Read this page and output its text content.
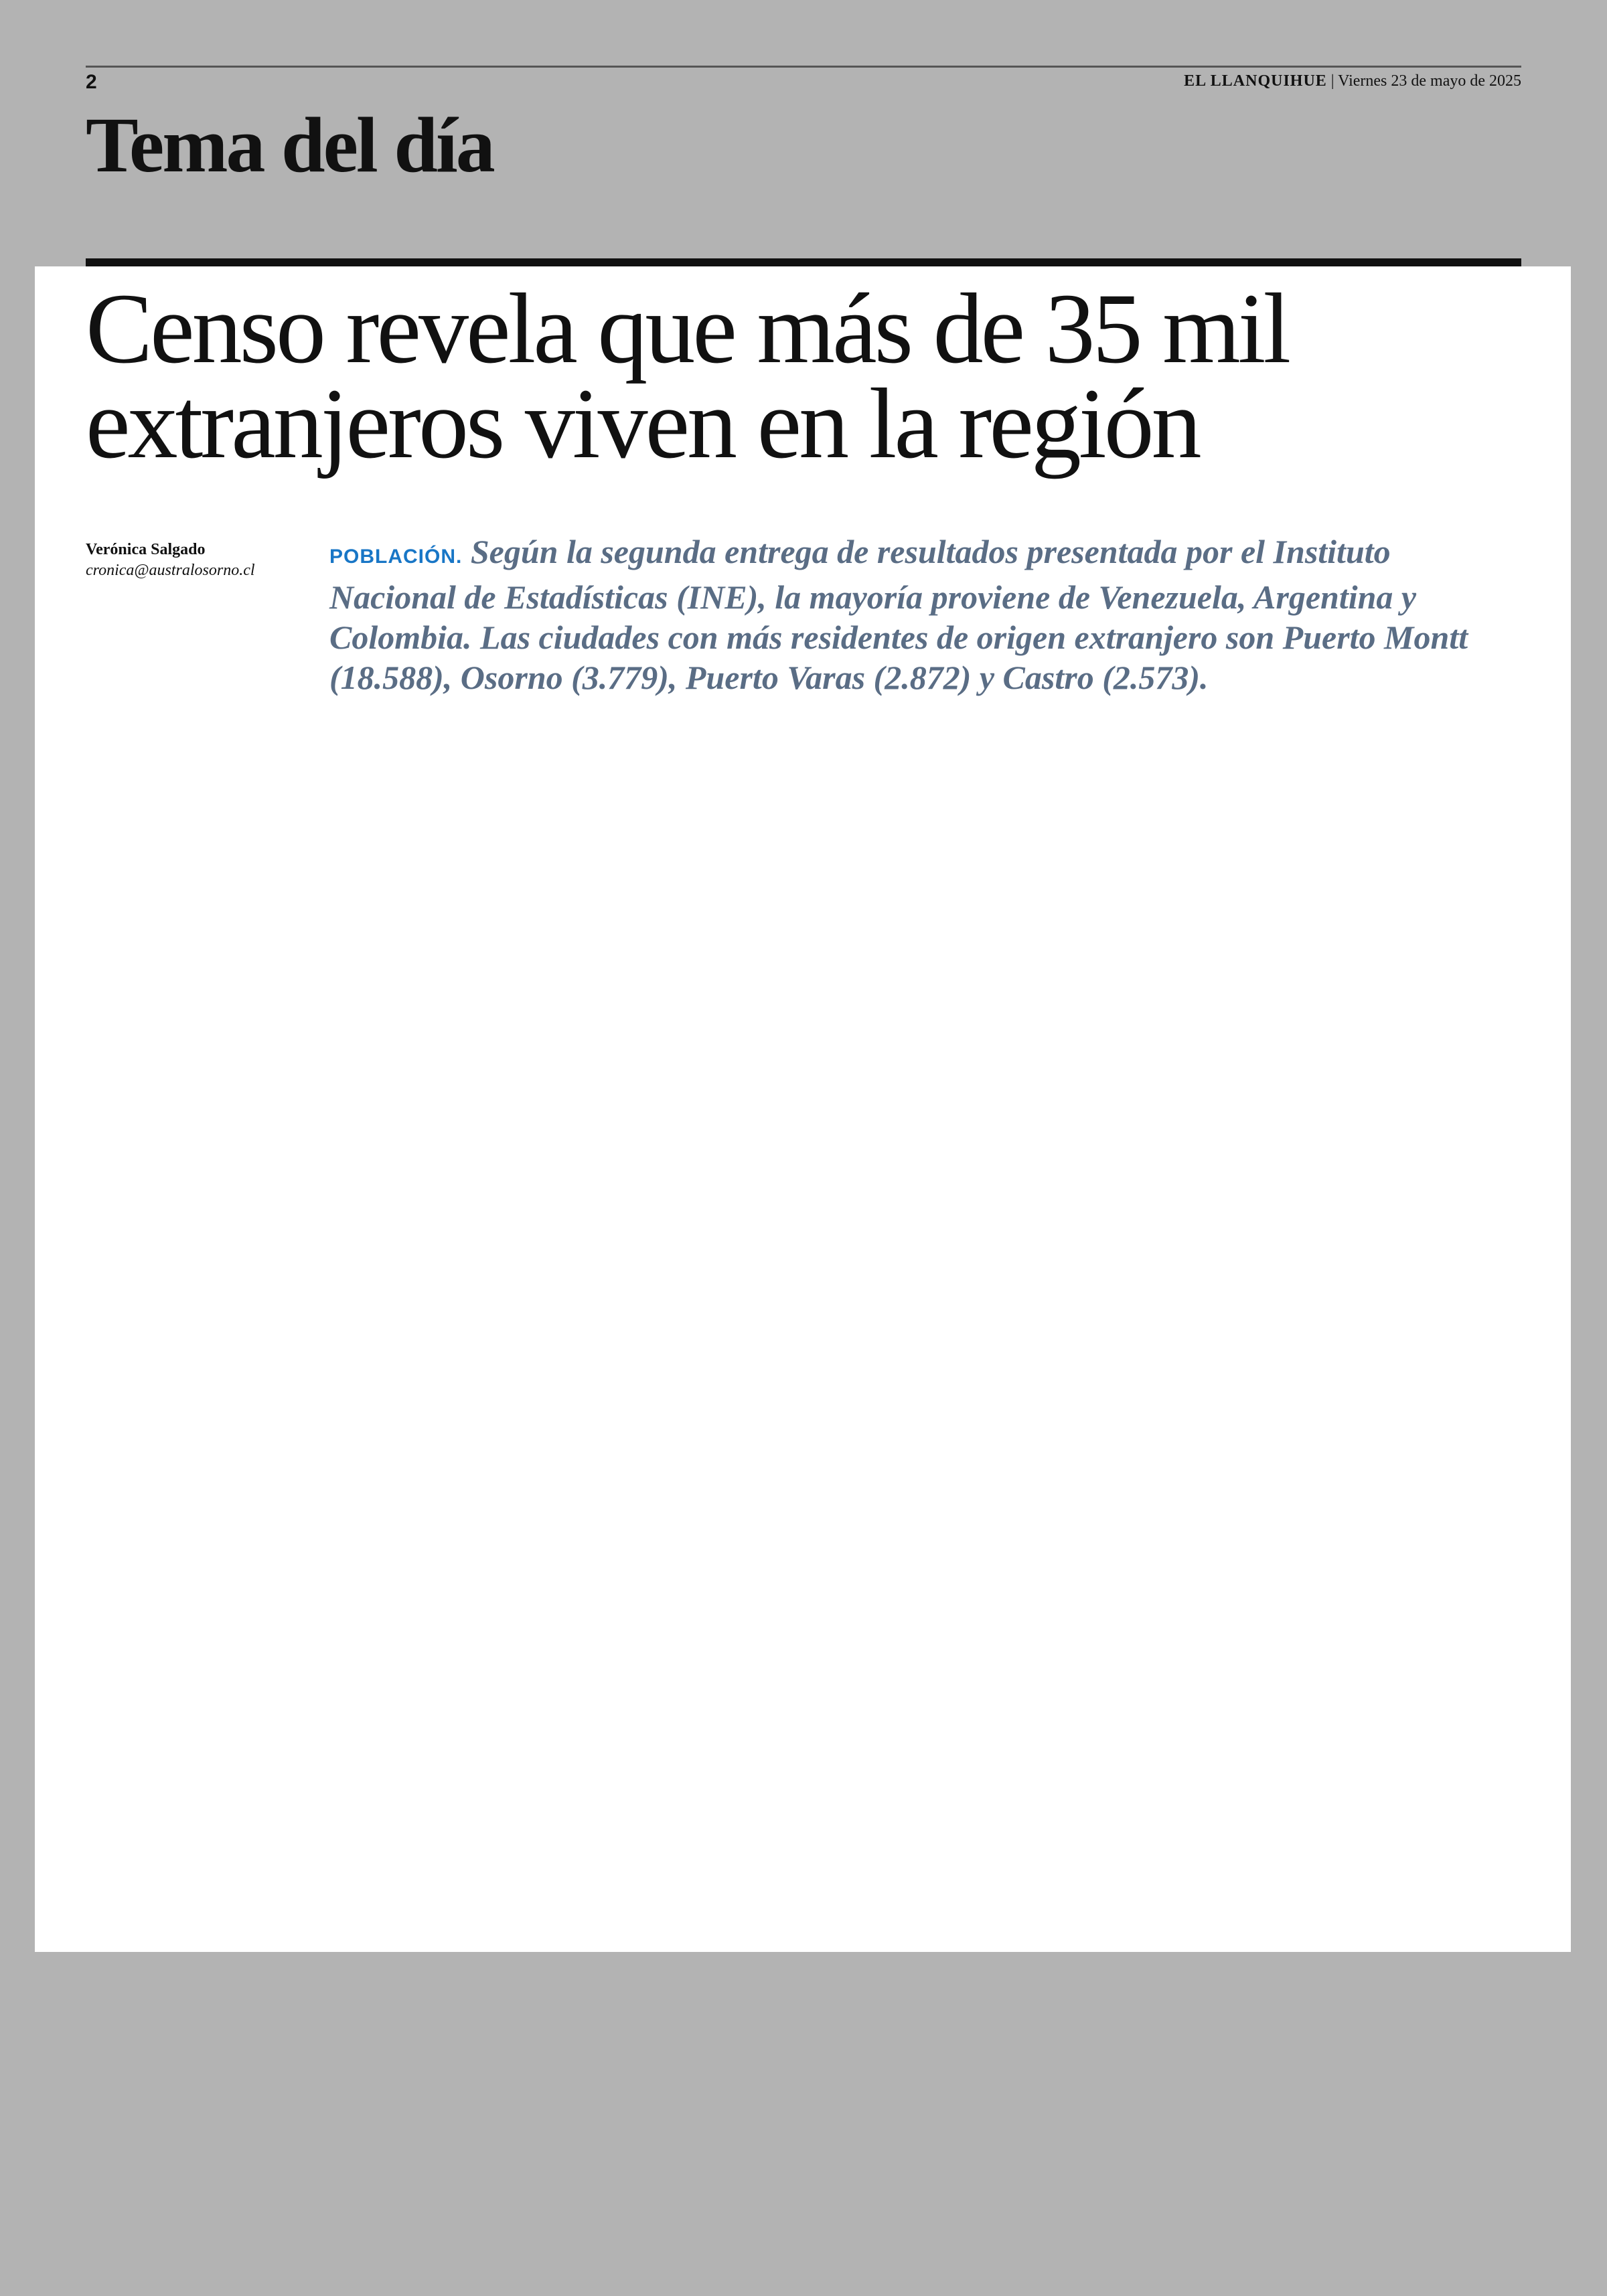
2	EL LLANQUIHUE | Viernes 23 de mayo de 2025
Tema del día
Censo revela que más de 35 mil extranjeros viven en la región
Verónica Salgado
cronica@australosorno.cl
POBLACIÓN. Según la segunda entrega de resultados presentada por el Instituto Nacional de Estadísticas (INE), la mayoría proviene de Venezuela, Argentina y Colombia. Las ciudades con más residentes de origen extranjero son Puerto Montt (18.588), Osorno (3.779), Puerto Varas (2.872) y Castro (2.573).
